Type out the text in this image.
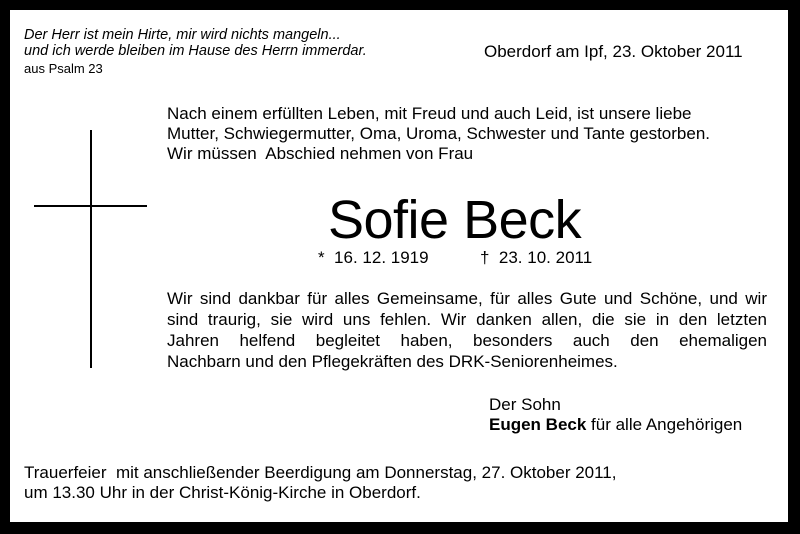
Der Herr ist mein Hirte, mir wird nichts mangeln...
und ich werde bleiben im Hause des Herrn immerdar.
aus Psalm 23
Oberdorf am Ipf, 23. Oktober 2011
Nach einem erfüllten Leben, mit Freud und auch Leid, ist unsere liebe
Mutter, Schwiegermutter, Oma, Uroma, Schwester und Tante gestorben.
Wir müssen  Abschied nehmen von Frau
Sofie Beck
*  16. 12. 1919	†  23. 10. 2011
Wir sind dankbar für alles Gemeinsame, für alles Gute und Schöne, und wir
sind traurig, sie wird uns fehlen. Wir danken allen, die sie in den letzten
Jahren helfend begleitet haben, besonders auch den ehemaligen
Nachbarn und den Pflegekräften des DRK-Seniorenheimes.
Der Sohn
Eugen Beck für alle Angehörigen
Trauerfeier  mit anschließender Beerdigung am Donnerstag, 27. Oktober 2011,
um 13.30 Uhr in der Christ-König-Kirche in Oberdorf.
